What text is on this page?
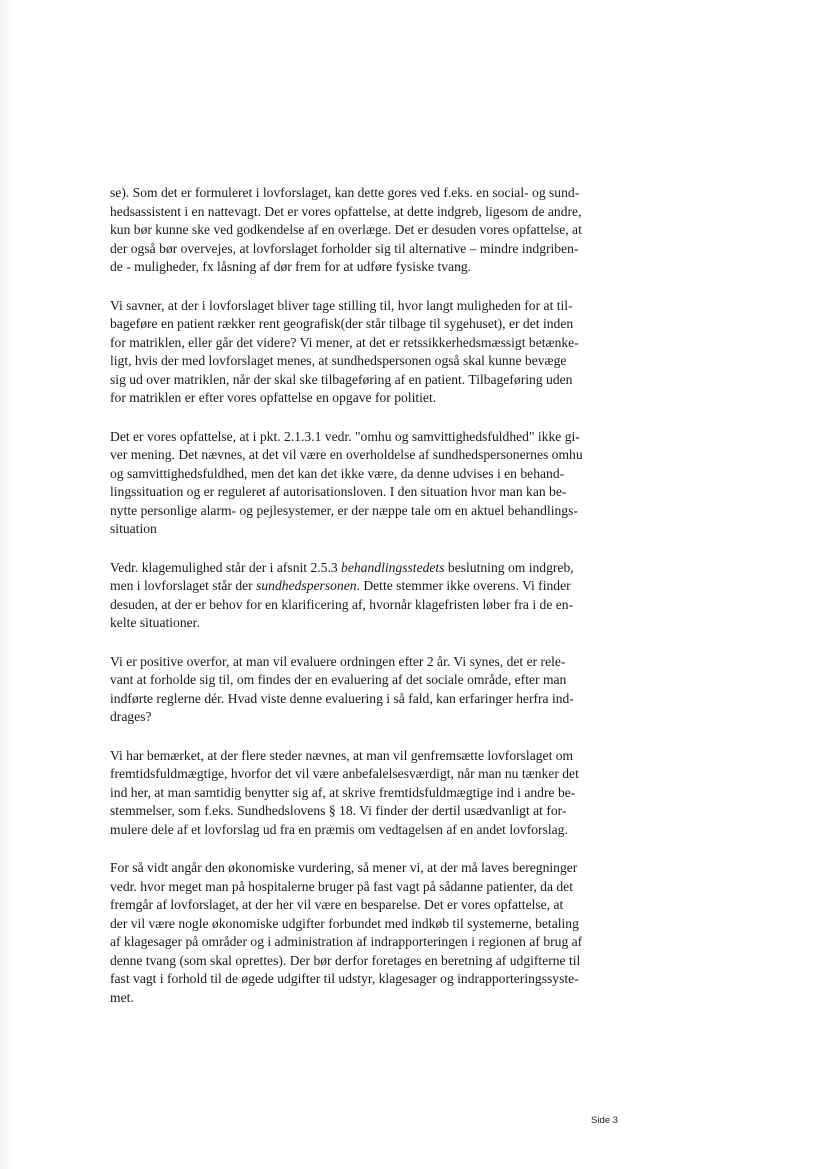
se). Som det er formuleret i lovforslaget, kan dette gores ved f.eks. en social- og sund-
hedsassistent i en nattevagt. Det er vores opfattelse, at dette indgreb, ligesom de andre,
kun bør kunne ske ved godkendelse af en overlæge. Det er desuden vores opfattelse, at
der også bør overvejes, at lovforslaget forholder sig til alternative – mindre indgriben-
de - muligheder, fx låsning af dør frem for at udføre fysiske tvang.

Vi savner, at der i lovforslaget bliver tage stilling til, hvor langt muligheden for at til-
bageføre en patient rækker rent geografisk(der står tilbage til sygehuset), er det inden
for matriklen, eller går det videre? Vi mener, at det er retssikkerhedsmæssigt betænke-
ligt, hvis der med lovforslaget menes, at sundhedspersonen også skal kunne bevæge
sig ud over matriklen, når der skal ske tilbageføring af en patient. Tilbageføring uden
for matriklen er efter vores opfattelse en opgave for politiet.

Det er vores opfattelse, at i pkt. 2.1.3.1 vedr. "omhu og samvittighedsfuldhed" ikke gi-
ver mening. Det nævnes, at det vil være en overholdelse af sundhedspersonernes omhu
og samvittighedsfuldhed, men det kan det ikke være, da denne udvises i en behand-
lingssituation og er reguleret af autorisationsloven. I den situation hvor man kan be-
nytte personlige alarm- og pejlesystemer, er der næppe tale om en aktuel behandlings-
situation

Vedr. klagemulighed står der i afsnit 2.5.3 behandlingsstedets beslutning om indgreb,
men i lovforslaget står der sundhedspersonen. Dette stemmer ikke overens. Vi finder
desuden, at der er behov for en klarificering af, hvornår klagefristen løber fra i de en-
kelte situationer.

Vi er positive overfor, at man vil evaluere ordningen efter 2 år. Vi synes, det er rele-
vant at forholde sig til, om findes der en evaluering af det sociale område, efter man
indførte reglerne dér. Hvad viste denne evaluering i så fald, kan erfaringer herfra ind-
drages?

Vi har bemærket, at der flere steder nævnes, at man vil genfremsætte lovforslaget om
fremtidsfuldmægtige, hvorfor det vil være anbefalelsesværdigt, når man nu tænker det
ind her, at man samtidig benytter sig af, at skrive fremtidsfuldmægtige ind i andre be-
stemmelser, som f.eks. Sundhedslovens § 18. Vi finder der dertil usædvanligt at for-
mulere dele af et lovforslag ud fra en præmis om vedtagelsen af en andet lovforslag.

For så vidt angår den økonomiske vurdering, så mener vi, at der må laves beregninger
vedr. hvor meget man på hospitalerne bruger på fast vagt på sådanne patienter, da det
fremgår af lovforslaget, at der her vil være en besparelse. Det er vores opfattelse, at
der vil være nogle økonomiske udgifter forbundet med indkøb til systemerne, betaling
af klagesager på områder og i administration af indrapporteringen i regionen af brug af
denne tvang (som skal oprettes). Der bør derfor foretages en beretning af udgifterne til
fast vagt i forhold til de øgede udgifter til udstyr, klagesager og indrapporteringssyste-
met.

Side 3
